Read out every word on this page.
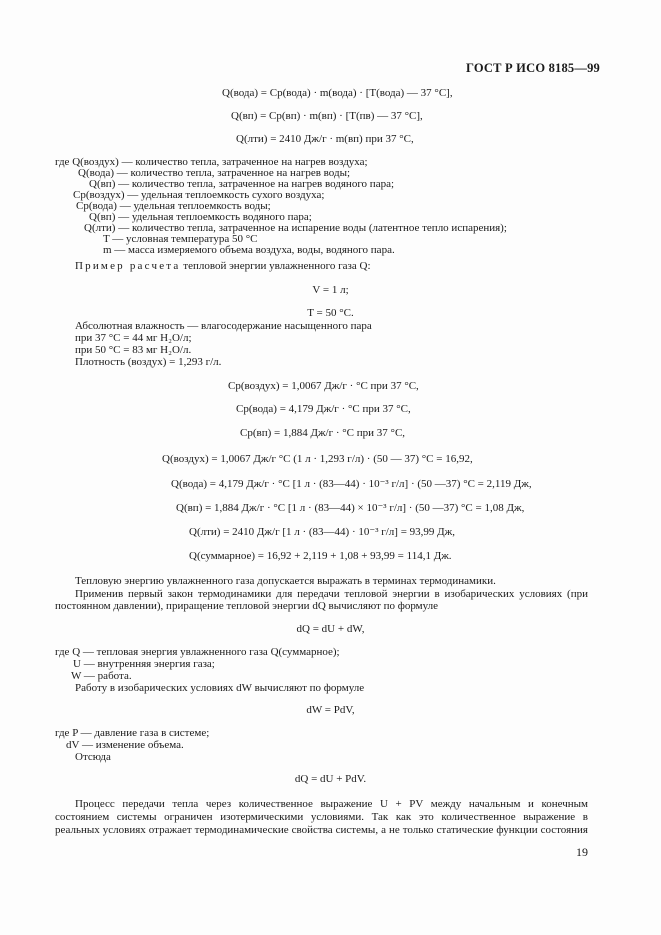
ГОСТ Р ИСО 8185—99
Q(вода) = Cp(вода) · m(вода) · [T(вода) — 37 °C],
Q(вп) = Cp(вп) · m(вп) · [T(пв) — 37 °C],
Q(лти) = 2410 Дж/г · m(вп) при 37 °C,
где Q(воздух) — количество тепла, затраченное на нагрев воздуха;
Q(вода) — количество тепла, затраченное на нагрев воды;
Q(вп) — количество тепла, затраченное на нагрев водяного пара;
Cp(воздух) — удельная теплоемкость сухого воздуха;
Cp(вода) — удельная теплоемкость воды;
Q(вп) — удельная теплоемкость водяного пара;
Q(лти) — количество тепла, затраченное на испарение воды (латентное тепло испарения);
T — условная температура 50 °С
m — масса измеряемого объема воздуха, воды, водяного пара.
Пример расчета тепловой энергии увлажненного газа Q:
V = 1 л;
T = 50 °С.
Абсолютная влажность — влагосодержание насыщенного пара
при 37 °С = 44 мг H₂O/л;
при 50 °С = 83 мг H₂O/л.
Плотность (воздух) = 1,293 г/л.
Cp(воздух) = 1,0067 Дж/г · °С при 37 °С,
Cp(вода) = 4,179 Дж/г · °С при 37 °С,
Cp(вп) = 1,884 Дж/г · °С при 37 °С,
Q(воздух) = 1,0067 Дж/г °С (1 л · 1,293 г/л) · (50 — 37) °С = 16,92,
Q(вода) = 4,179 Дж/г · °С [1 л · (83—44) · 10⁻³ г/л] · (50 —37) °С = 2,119 Дж,
Q(вп) = 1,884 Дж/г · °С [1 л · (83—44) × 10⁻³ г/л] · (50 —37) °С = 1,08 Дж,
Q(лти) = 2410 Дж/г [1 л · (83—44) · 10⁻³ г/л] = 93,99 Дж,
Q(суммарное) = 16,92 + 2,119 + 1,08 + 93,99 = 114,1 Дж.
Тепловую энергию увлажненного газа допускается выражать в терминах термодинамики.
Применив первый закон термодинамики для передачи тепловой энергии в изобарических условиях (при
постоянном давлении), приращение тепловой энергии dQ вычисляют по формуле
dQ = dU + dW,
где Q — тепловая энергия увлажненного газа Q(суммарное);
U — внутренняя энергия газа;
W — работа.
Работу в изобарических условиях dW вычисляют по формуле
dW = PdV,
где P — давление газа в системе;
dV — изменение объема.
Отсюда
dQ = dU + PdV.
Процесс передачи тепла через количественное выражение U + PV между начальным и конечным
состоянием системы ограничен изотермическими условиями. Так как это количественное выражение в
реальных условиях отражает термодинамические свойства системы, а не только статические функции состояния
19
